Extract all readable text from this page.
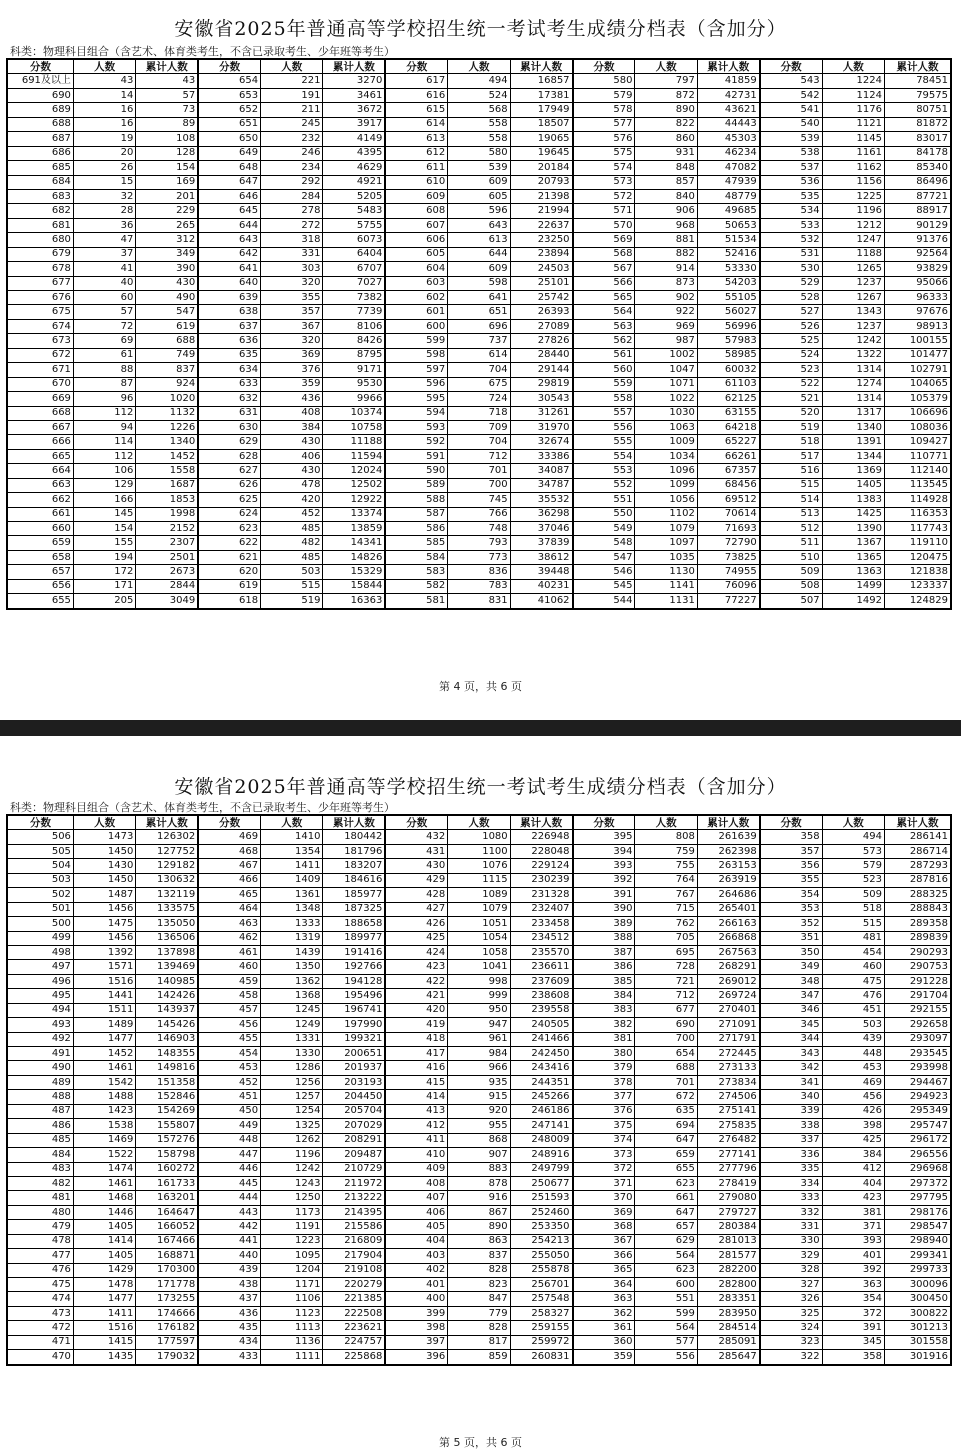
安徽省2025年普通高等学校招生统一考试考生成绩分档表（含加分）
科类：物理科目组合（含艺术、体育类考生，不含已录取考生、少年班等考生）
分数	人数	累计人数	分数	人数	累计人数	分数	人数	累计人数	分数	人数	累计人数	分数	人数	累计人数
691及以上	43	43	654	221	3270	617	494	16857	580	797	41859	543	1224	78451
690	14	57	653	191	3461	616	524	17381	579	872	42731	542	1124	79575
689	16	73	652	211	3672	615	568	17949	578	890	43621	541	1176	80751
688	16	89	651	245	3917	614	558	18507	577	822	44443	540	1121	81872
687	19	108	650	232	4149	613	558	19065	576	860	45303	539	1145	83017
686	20	128	649	246	4395	612	580	19645	575	931	46234	538	1161	84178
685	26	154	648	234	4629	611	539	20184	574	848	47082	537	1162	85340
684	15	169	647	292	4921	610	609	20793	573	857	47939	536	1156	86496
683	32	201	646	284	5205	609	605	21398	572	840	48779	535	1225	87721
682	28	229	645	278	5483	608	596	21994	571	906	49685	534	1196	88917
681	36	265	644	272	5755	607	643	22637	570	968	50653	533	1212	90129
680	47	312	643	318	6073	606	613	23250	569	881	51534	532	1247	91376
679	37	349	642	331	6404	605	644	23894	568	882	52416	531	1188	92564
678	41	390	641	303	6707	604	609	24503	567	914	53330	530	1265	93829
677	40	430	640	320	7027	603	598	25101	566	873	54203	529	1237	95066
676	60	490	639	355	7382	602	641	25742	565	902	55105	528	1267	96333
675	57	547	638	357	7739	601	651	26393	564	922	56027	527	1343	97676
674	72	619	637	367	8106	600	696	27089	563	969	56996	526	1237	98913
673	69	688	636	320	8426	599	737	27826	562	987	57983	525	1242	100155
672	61	749	635	369	8795	598	614	28440	561	1002	58985	524	1322	101477
671	88	837	634	376	9171	597	704	29144	560	1047	60032	523	1314	102791
670	87	924	633	359	9530	596	675	29819	559	1071	61103	522	1274	104065
669	96	1020	632	436	9966	595	724	30543	558	1022	62125	521	1314	105379
668	112	1132	631	408	10374	594	718	31261	557	1030	63155	520	1317	106696
667	94	1226	630	384	10758	593	709	31970	556	1063	64218	519	1340	108036
666	114	1340	629	430	11188	592	704	32674	555	1009	65227	518	1391	109427
665	112	1452	628	406	11594	591	712	33386	554	1034	66261	517	1344	110771
664	106	1558	627	430	12024	590	701	34087	553	1096	67357	516	1369	112140
663	129	1687	626	478	12502	589	700	34787	552	1099	68456	515	1405	113545
662	166	1853	625	420	12922	588	745	35532	551	1056	69512	514	1383	114928
661	145	1998	624	452	13374	587	766	36298	550	1102	70614	513	1425	116353
660	154	2152	623	485	13859	586	748	37046	549	1079	71693	512	1390	117743
659	155	2307	622	482	14341	585	793	37839	548	1097	72790	511	1367	119110
658	194	2501	621	485	14826	584	773	38612	547	1035	73825	510	1365	120475
657	172	2673	620	503	15329	583	836	39448	546	1130	74955	509	1363	121838
656	171	2844	619	515	15844	582	783	40231	545	1141	76096	508	1499	123337
655	205	3049	618	519	16363	581	831	41062	544	1131	77227	507	1492	124829
第 4 页，共 6 页
安徽省2025年普通高等学校招生统一考试考生成绩分档表（含加分）
科类：物理科目组合（含艺术、体育类考生，不含已录取考生、少年班等考生）
分数	人数	累计人数	分数	人数	累计人数	分数	人数	累计人数	分数	人数	累计人数	分数	人数	累计人数
506	1473	126302	469	1410	180442	432	1080	226948	395	808	261639	358	494	286141
505	1450	127752	468	1354	181796	431	1100	228048	394	759	262398	357	573	286714
504	1430	129182	467	1411	183207	430	1076	229124	393	755	263153	356	579	287293
503	1450	130632	466	1409	184616	429	1115	230239	392	764	263919	355	523	287816
502	1487	132119	465	1361	185977	428	1089	231328	391	767	264686	354	509	288325
501	1456	133575	464	1348	187325	427	1079	232407	390	715	265401	353	518	288843
500	1475	135050	463	1333	188658	426	1051	233458	389	762	266163	352	515	289358
499	1456	136506	462	1319	189977	425	1054	234512	388	705	266868	351	481	289839
498	1392	137898	461	1439	191416	424	1058	235570	387	695	267563	350	454	290293
497	1571	139469	460	1350	192766	423	1041	236611	386	728	268291	349	460	290753
496	1516	140985	459	1362	194128	422	998	237609	385	721	269012	348	475	291228
495	1441	142426	458	1368	195496	421	999	238608	384	712	269724	347	476	291704
494	1511	143937	457	1245	196741	420	950	239558	383	677	270401	346	451	292155
493	1489	145426	456	1249	197990	419	947	240505	382	690	271091	345	503	292658
492	1477	146903	455	1331	199321	418	961	241466	381	700	271791	344	439	293097
491	1452	148355	454	1330	200651	417	984	242450	380	654	272445	343	448	293545
490	1461	149816	453	1286	201937	416	966	243416	379	688	273133	342	453	293998
489	1542	151358	452	1256	203193	415	935	244351	378	701	273834	341	469	294467
488	1488	152846	451	1257	204450	414	915	245266	377	672	274506	340	456	294923
487	1423	154269	450	1254	205704	413	920	246186	376	635	275141	339	426	295349
486	1538	155807	449	1325	207029	412	955	247141	375	694	275835	338	398	295747
485	1469	157276	448	1262	208291	411	868	248009	374	647	276482	337	425	296172
484	1522	158798	447	1196	209487	410	907	248916	373	659	277141	336	384	296556
483	1474	160272	446	1242	210729	409	883	249799	372	655	277796	335	412	296968
482	1461	161733	445	1243	211972	408	878	250677	371	623	278419	334	404	297372
481	1468	163201	444	1250	213222	407	916	251593	370	661	279080	333	423	297795
480	1446	164647	443	1173	214395	406	867	252460	369	647	279727	332	381	298176
479	1405	166052	442	1191	215586	405	890	253350	368	657	280384	331	371	298547
478	1414	167466	441	1223	216809	404	863	254213	367	629	281013	330	393	298940
477	1405	168871	440	1095	217904	403	837	255050	366	564	281577	329	401	299341
476	1429	170300	439	1204	219108	402	828	255878	365	623	282200	328	392	299733
475	1478	171778	438	1171	220279	401	823	256701	364	600	282800	327	363	300096
474	1477	173255	437	1106	221385	400	847	257548	363	551	283351	326	354	300450
473	1411	174666	436	1123	222508	399	779	258327	362	599	283950	325	372	300822
472	1516	176182	435	1113	223621	398	828	259155	361	564	284514	324	391	301213
471	1415	177597	434	1136	224757	397	817	259972	360	577	285091	323	345	301558
470	1435	179032	433	1111	225868	396	859	260831	359	556	285647	322	358	301916
第 5 页，共 6 页
